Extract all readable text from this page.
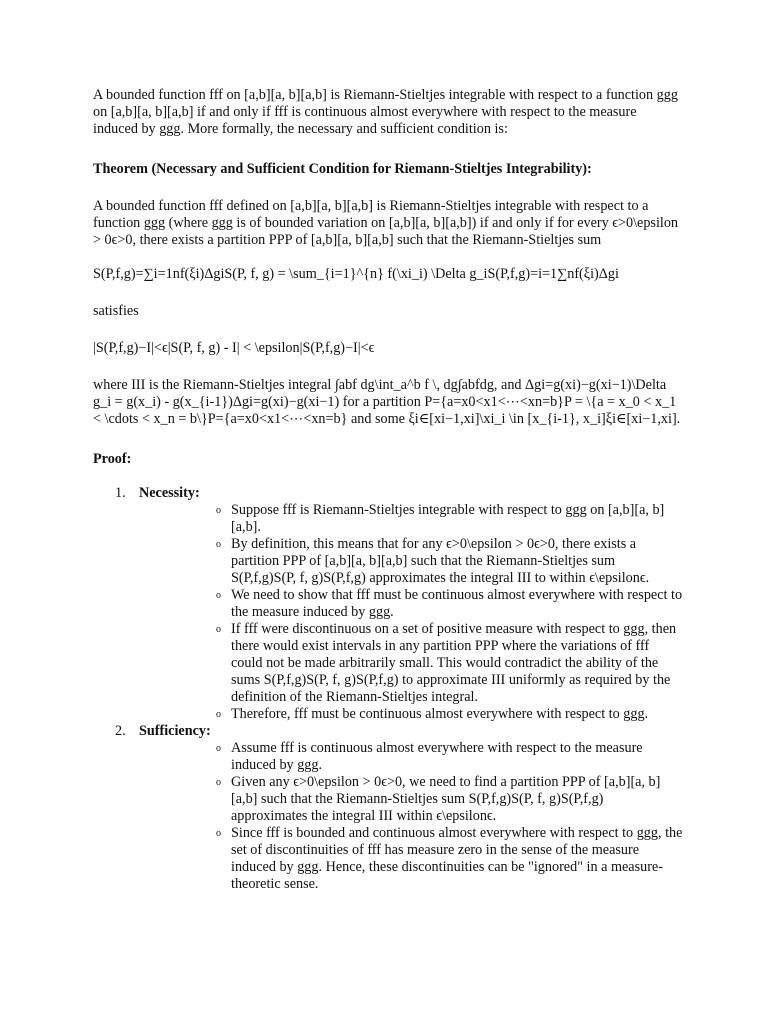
A bounded function fff on [a,b][a, b][a,b] is Riemann-Stieltjes integrable with respect to a function ggg on [a,b][a, b][a,b] if and only if fff is continuous almost everywhere with respect to the measure induced by ggg. More formally, the necessary and sufficient condition is:

Theorem (Necessary and Sufficient Condition for Riemann-Stieltjes Integrability):

A bounded function fff defined on [a,b][a, b][a,b] is Riemann-Stieltjes integrable with respect to a function ggg (where ggg is of bounded variation on [a,b][a, b][a,b]) if and only if for every ϵ>0\epsilon > 0ϵ>0, there exists a partition PPP of [a,b][a, b][a,b] such that the Riemann-Stieltjes sum

S(P,f,g)=∑i=1nf(ξi)ΔgiS(P, f, g) = \sum_{i=1}^{n} f(\xi_i) \Delta g_iS(P,f,g)=i=1∑nf(ξi)Δgi

satisfies

|S(P,f,g)−I|<ϵ|S(P, f, g) - I| < \epsilon|S(P,f,g)−I|<ϵ

where III is the Riemann-Stieltjes integral ∫abf dg\int_a^b f \, dg∫abfdg, and Δgi=g(xi)−g(xi−1)\Delta g_i = g(x_i) - g(x_{i-1})Δgi=g(xi)−g(xi−1) for a partition P={a=x0<x1<⋯<xn=b}P = \{a = x_0 < x_1 < \cdots < x_n = b\}P={a=x0<x1<⋯<xn=b} and some ξi∈[xi−1,xi]\xi_i \in [x_{i-1}, x_i]ξi∈[xi−1,xi].

Proof:

1. Necessity:
o Suppose fff is Riemann-Stieltjes integrable with respect to ggg on [a,b][a, b][a,b].
o By definition, this means that for any ϵ>0\epsilon > 0ϵ>0, there exists a partition PPP of [a,b][a, b][a,b] such that the Riemann-Stieltjes sum S(P,f,g)S(P, f, g)S(P,f,g) approximates the integral III to within ϵ\epsilonϵ.
o We need to show that fff must be continuous almost everywhere with respect to the measure induced by ggg.
o If fff were discontinuous on a set of positive measure with respect to ggg, then there would exist intervals in any partition PPP where the variations of fff could not be made arbitrarily small. This would contradict the ability of the sums S(P,f,g)S(P, f, g)S(P,f,g) to approximate III uniformly as required by the definition of the Riemann-Stieltjes integral.
o Therefore, fff must be continuous almost everywhere with respect to ggg.
2. Sufficiency:
o Assume fff is continuous almost everywhere with respect to the measure induced by ggg.
o Given any ϵ>0\epsilon > 0ϵ>0, we need to find a partition PPP of [a,b][a, b][a,b] such that the Riemann-Stieltjes sum S(P,f,g)S(P, f, g)S(P,f,g) approximates the integral III within ϵ\epsilonϵ.
o Since fff is bounded and continuous almost everywhere with respect to ggg, the set of discontinuities of fff has measure zero in the sense of the measure induced by ggg. Hence, these discontinuities can be "ignored" in a measure-theoretic sense.
